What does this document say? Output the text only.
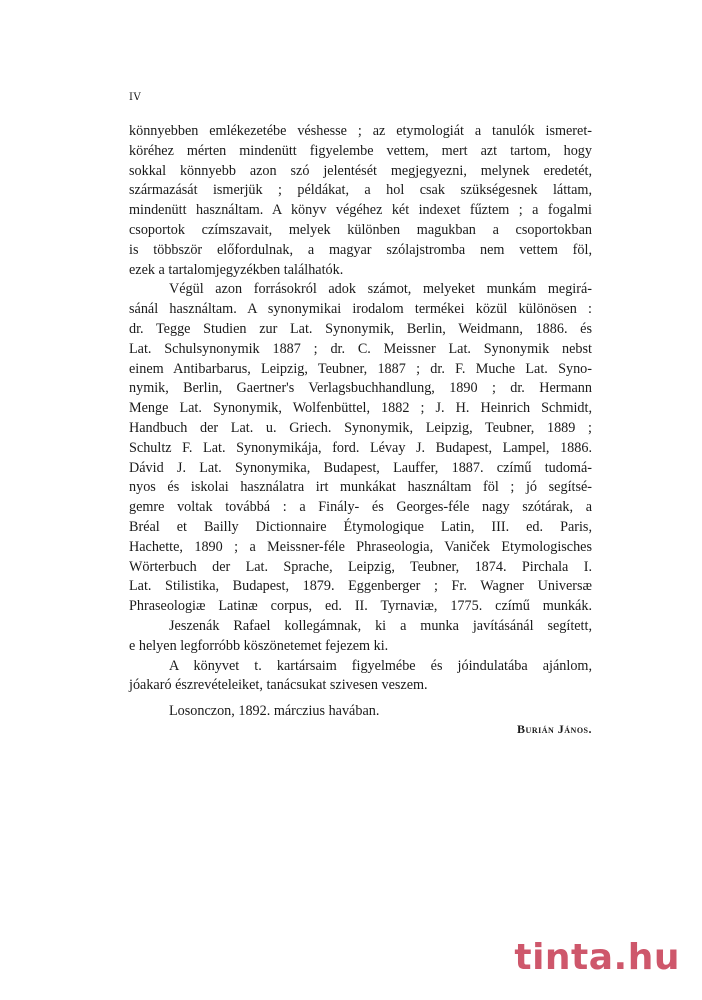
IV
könnyebben emlékezetébe véshesse ; az etymologiát a tanulók ismeret-
köréhez mérten mindenütt figyelembe vettem, mert azt tartom, hogy
sokkal könnyebb azon szó jelentését megjegyezni, melynek eredetét,
származását ismerjük ; példákat, a hol csak szükségesnek láttam,
mindenütt használtam. A könyv végéhez két indexet fűztem ; a fogalmi
csoportok czímszavait, melyek különben magukban a csoportokban
is többször előfordulnak, a magyar szólajstromba nem vettem föl,
ezek a tartalomjegyzékben találhatók.
Végül azon forrásokról adok számot, melyeket munkám megirá-
sánál használtam. A synonymikai irodalom termékei közül különösen :
dr. Tegge Studien zur Lat. Synonymik, Berlin, Weidmann, 1886. és
Lat. Schulsynonymik 1887 ; dr. C. Meissner Lat. Synonymik nebst
einem Antibarbarus, Leipzig, Teubner, 1887 ; dr. F. Muche Lat. Syno-
nymik, Berlin, Gaertner's Verlagsbuchhandlung, 1890 ; dr. Hermann
Menge Lat. Synonymik, Wolfenbüttel, 1882 ; J. H. Heinrich Schmidt,
Handbuch der Lat. u. Griech. Synonymik, Leipzig, Teubner, 1889 ;
Schultz F. Lat. Synonymikája, ford. Lévay J. Budapest, Lampel, 1886.
Dávid J. Lat. Synonymika, Budapest, Lauffer, 1887. czímű tudomá-
nyos és iskolai használatra irt munkákat használtam föl ; jó segítsé-
gemre voltak továbbá : a Finály- és Georges-féle nagy szótárak, a
Bréal et Bailly Dictionnaire Étymologique Latin, III. ed. Paris,
Hachette, 1890 ; a Meissner-féle Phraseologia, Vaniček Etymologisches
Wörterbuch der Lat. Sprache, Leipzig, Teubner, 1874. Pirchala I.
Lat. Stilistika, Budapest, 1879. Eggenberger ; Fr. Wagner Universæ
Phraseologiæ Latinæ corpus, ed. II. Tyrnaviæ, 1775. czímű munkák.
Jeszenák Rafael kollegámnak, ki a munka javításánál segített,
e helyen legforróbb köszönetemet fejezem ki.
A könyvet t. kartársaim figyelmébe és jóindulatába ajánlom,
jóakaró észrevételeiket, tanácsukat szivesen veszem.
Losonczon, 1892. márczius havában.
Burián János.
tinta.hu
